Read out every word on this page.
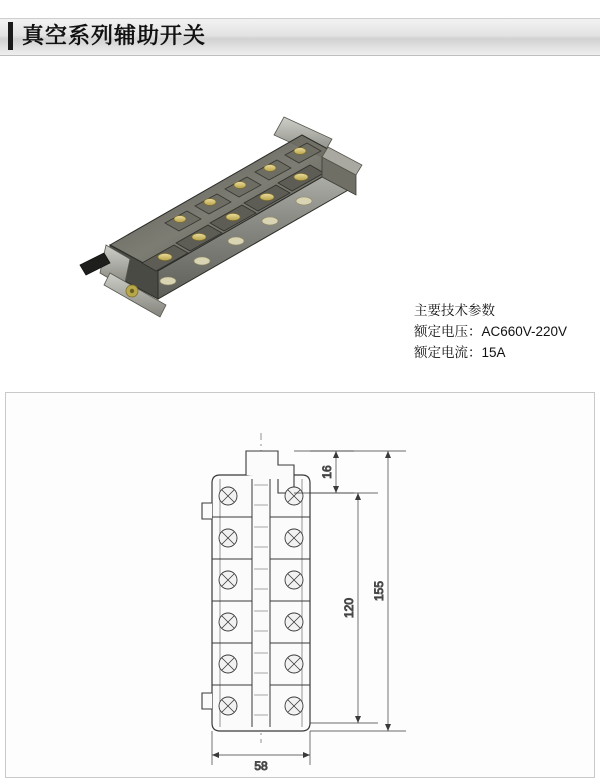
真空系列辅助开关
主要技术参数
额定电压：AC660V-220V
额定电流：15A
16
120
155
58
